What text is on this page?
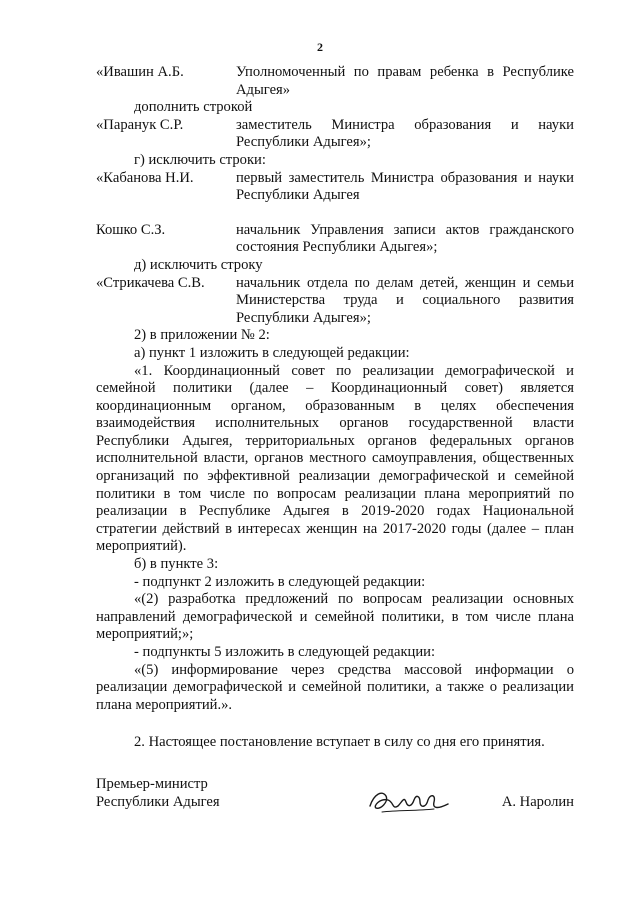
2
«Ивашин А.Б.	Уполномоченный по правам ребенка в Республике Адыгея»
дополнить строкой
«Паранук С.Р.	заместитель Министра образования и науки Республики Адыгея»;
г) исключить строки:
«Кабанова Н.И.	первый заместитель Министра образования и науки Республики Адыгея
Кошко С.З.	начальник Управления записи актов гражданского состояния Республики Адыгея»;
д) исключить строку
«Стрикачева С.В.	начальник отдела по делам детей, женщин и семьи Министерства труда и социального развития Республики Адыгея»;
2) в приложении № 2:
а) пункт 1 изложить в следующей редакции:
«1. Координационный совет по реализации демографической и семейной политики (далее – Координационный совет) является координационным органом, образованным в целях обеспечения взаимодействия исполнительных органов государственной власти Республики Адыгея, территориальных органов федеральных органов исполнительной власти, органов местного самоуправления, общественных организаций по эффективной реализации демографической и семейной политики в том числе по вопросам реализации плана мероприятий по реализации в Республике Адыгея в 2019-2020 годах Национальной стратегии действий в интересах женщин на 2017-2020 годы (далее – план мероприятий).
б) в пункте 3:
- подпункт 2 изложить в следующей редакции:
«(2) разработка предложений по вопросам реализации основных направлений демографической и семейной политики, в том числе плана мероприятий;»;
- подпункты 5 изложить в следующей редакции:
«(5) информирование через средства массовой информации о реализации демографической и семейной политики, а также о реализации плана мероприятий.».
2. Настоящее постановление вступает в силу со дня его принятия.
Премьер-министр
Республики Адыгея	А. Наролин
